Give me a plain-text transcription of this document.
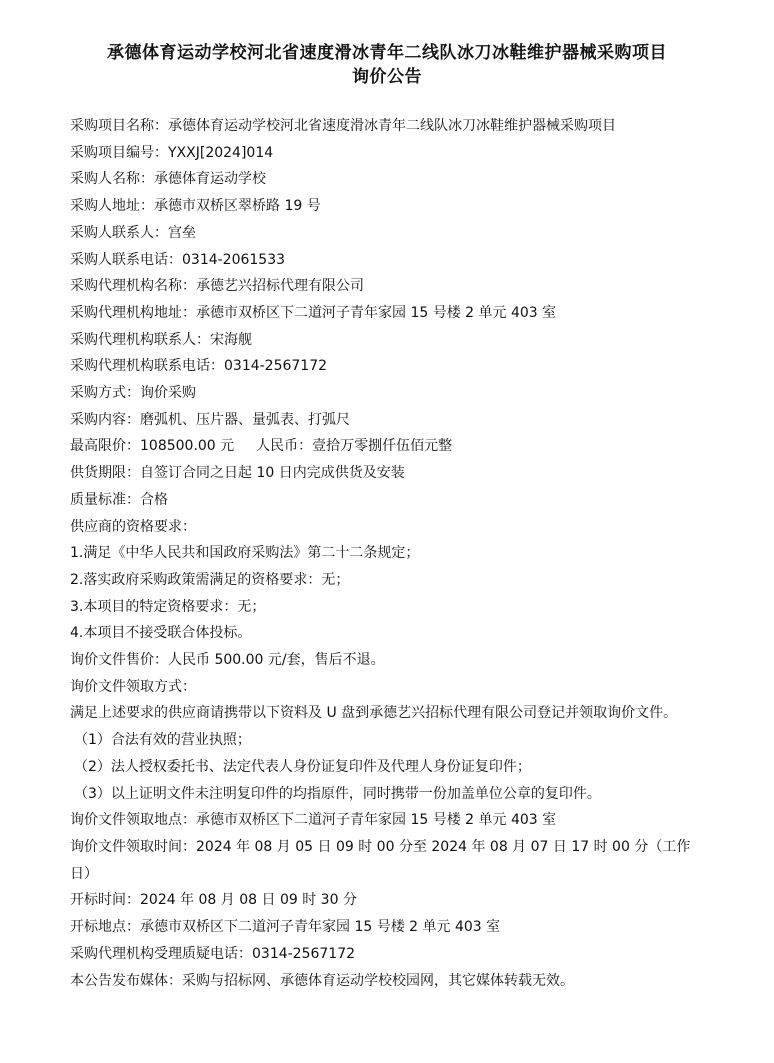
承德体育运动学校河北省速度滑冰青年二线队冰刀冰鞋维护器械采购项目
询价公告

采购项目名称：承德体育运动学校河北省速度滑冰青年二线队冰刀冰鞋维护器械采购项目

采购项目编号：YXXJ[2024]014

采购人名称：承德体育运动学校

采购人地址：承德市双桥区翠桥路 19 号

采购人联系人：宫垒

采购人联系电话：0314-2061533

采购代理机构名称：承德艺兴招标代理有限公司

采购代理机构地址：承德市双桥区下二道河子青年家园 15 号楼 2 单元 403 室

采购代理机构联系人：宋海舰

采购代理机构联系电话：0314-2567172

采购方式：询价采购

采购内容：磨弧机、压片器、量弧表、打弧尺

最高限价：108500.00 元 人民币：壹拾万零捌仟伍佰元整

供货期限：自签订合同之日起 10 日内完成供货及安装

质量标准：合格

供应商的资格要求：

1.满足《中华人民共和国政府采购法》第二十二条规定；

2.落实政府采购政策需满足的资格要求：无；

3.本项目的特定资格要求：无；

4.本项目不接受联合体投标。

询价文件售价：人民币 500.00 元/套，售后不退。

询价文件领取方式：

满足上述要求的供应商请携带以下资料及 U 盘到承德艺兴招标代理有限公司登记并领取询价文件。

（1）合法有效的营业执照；

（2）法人授权委托书、法定代表人身份证复印件及代理人身份证复印件；

（3）以上证明文件未注明复印件的均指原件，同时携带一份加盖单位公章的复印件。

询价文件领取地点：承德市双桥区下二道河子青年家园 15 号楼 2 单元 403 室

询价文件领取时间：2024 年 08 月 05 日 09 时 00 分至 2024 年 08 月 07 日 17 时 00 分（工作日）

开标时间：2024 年 08 月 08 日 09 时 30 分

开标地点：承德市双桥区下二道河子青年家园 15 号楼 2 单元 403 室

采购代理机构受理质疑电话：0314-2567172

本公告发布媒体：采购与招标网、承德体育运动学校校园网，其它媒体转载无效。
